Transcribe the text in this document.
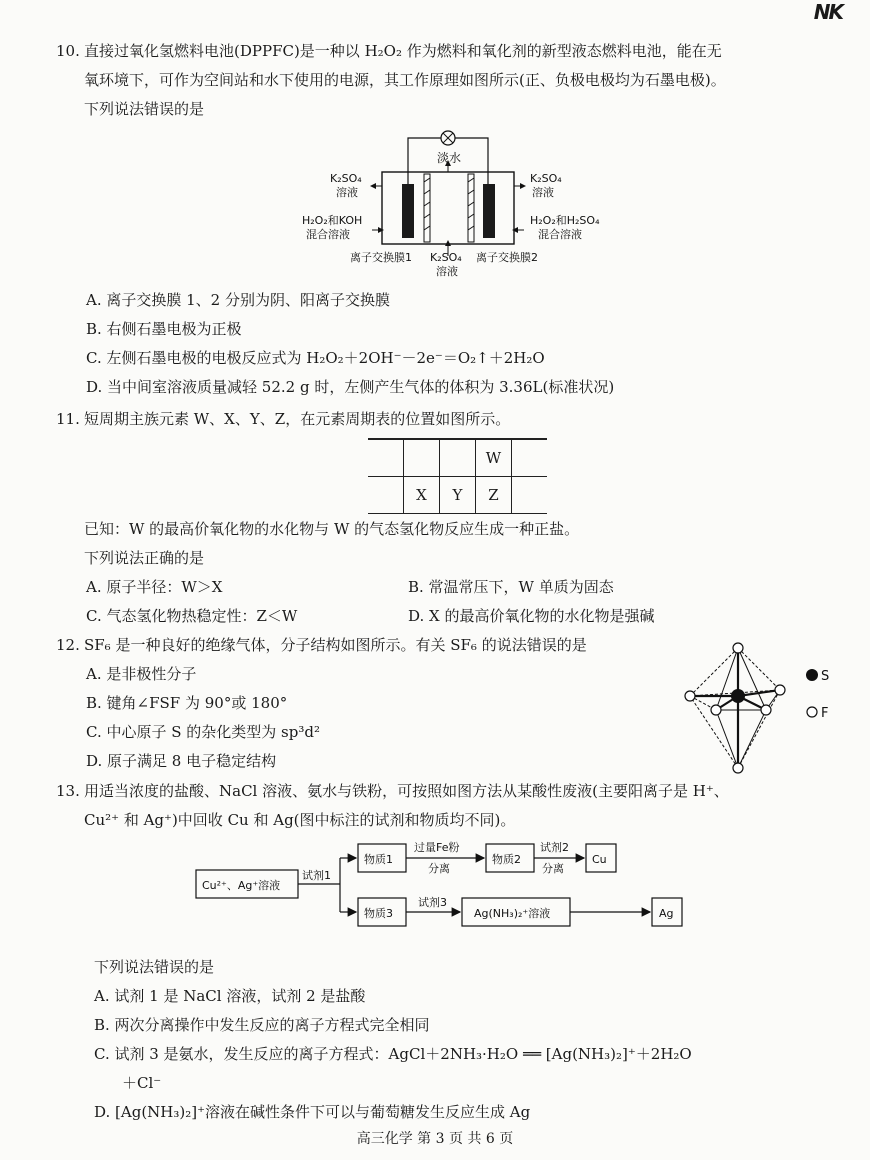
NK
10. 直接过氧化氢燃料电池(DPPFC)是一种以 H₂O₂ 作为燃料和氧化剂的新型液态燃料电池，能在无
氧环境下，可作为空间站和水下使用的电源，其工作原理如图所示(正、负极电极均为石墨电极)。
下列说法错误的是
淡水
K₂SO₄
溶液
H₂O₂和KOH
混合溶液
K₂SO₄
溶液
H₂O₂和H₂SO₄
混合溶液
离子交换膜1 K₂SO₄
溶液
离子交换膜2
A. 离子交换膜 1、2 分别为阴、阳离子交换膜
B. 右侧石墨电极为正极
C. 左侧石墨电极的电极反应式为 H₂O₂＋2OH⁻－2e⁻＝O₂↑＋2H₂O
D. 当中间室溶液质量减轻 52.2 g 时，左侧产生气体的体积为 3.36L(标准状况)
11. 短周期主族元素 W、X、Y、Z，在元素周期表的位置如图所示。
			W	
	X	Y	Z	
已知：W 的最高价氧化物的水化物与 W 的气态氢化物反应生成一种正盐。
下列说法正确的是
A. 原子半径：W＞X	B. 常温常压下，W 单质为固态
C. 气态氢化物热稳定性：Z＜W	D. X 的最高价氧化物的水化物是强碱
12. SF₆ 是一种良好的绝缘气体，分子结构如图所示。有关 SF₆ 的说法错误的是
A. 是非极性分子
B. 键角∠FSF 为 90°或 180°
C. 中心原子 S 的杂化类型为 sp³d²
D. 原子满足 8 电子稳定结构
S
F
13. 用适当浓度的盐酸、NaCl 溶液、氨水与铁粉，可按照如图方法从某酸性废液(主要阳离子是 H⁺、
Cu²⁺ 和 Ag⁺)中回收 Cu 和 Ag(图中标注的试剂和物质均不同)。
Cu²⁺、Ag⁺溶液
试剂1
物质1
过量Fe粉
分离
物质2
试剂2
分离
Cu
物质3
试剂3
Ag(NH₃)₂⁺溶液	Ag
下列说法错误的是
A. 试剂 1 是 NaCl 溶液，试剂 2 是盐酸
B. 两次分离操作中发生反应的离子方程式完全相同
C. 试剂 3 是氨水，发生反应的离子方程式：AgCl＋2NH₃·H₂O ══ [Ag(NH₃)₂]⁺＋2H₂O
＋Cl⁻
D. [Ag(NH₃)₂]⁺溶液在碱性条件下可以与葡萄糖发生反应生成 Ag
高三化学 第 3 页 共 6 页
